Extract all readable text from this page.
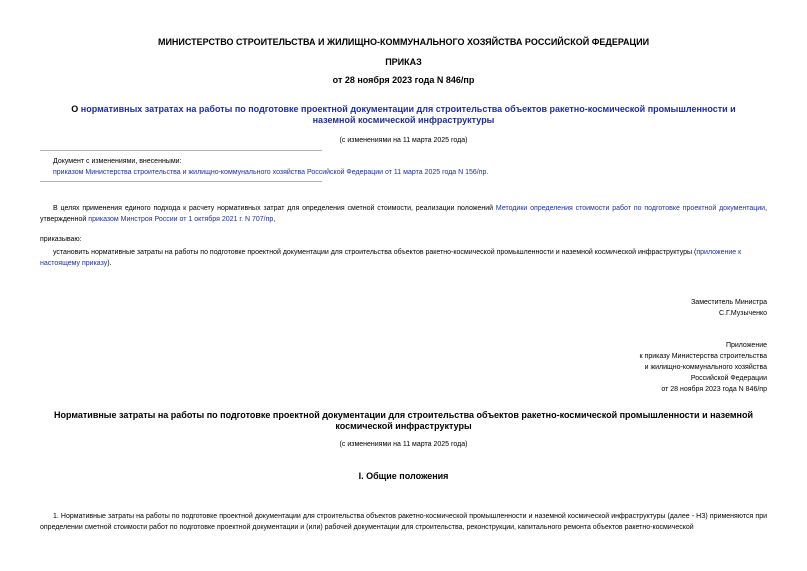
МИНИСТЕРСТВО СТРОИТЕЛЬСТВА И ЖИЛИЩНО-КОММУНАЛЬНОГО ХОЗЯЙСТВА РОССИЙСКОЙ ФЕДЕРАЦИИ
ПРИКАЗ
от 28 ноября 2023 года N 846/пр
О нормативных затратах на работы по подготовке проектной документации для строительства объектов ракетно-космической промышленности и наземной космической инфраструктуры
(с изменениями на 11 марта 2025 года)
Документ с изменениями, внесенными:
приказом Министерства строительства и жилищно-коммунального хозяйства Российской Федерации от 11 марта 2025 года N 156/пр.
В целях применения единого подхода к расчету нормативных затрат для определения сметной стоимости, реализации положений Методики определения стоимости работ по подготовке проектной документации, утвержденной приказом Минстроя России от 1 октября 2021 г. N 707/пр,
приказываю:
установить нормативные затраты на работы по подготовке проектной документации для строительства объектов ракетно-космической промышленности и наземной космической инфраструктуры (приложение к настоящему приказу).
Заместитель Министра
С.Г.Музыченко
Приложение
к приказу Министерства строительства
и жилищно-коммунального хозяйства
Российской Федерации
от 28 ноября 2023 года N 846/пр
Нормативные затраты на работы по подготовке проектной документации для строительства объектов ракетно-космической промышленности и наземной космической инфраструктуры
(с изменениями на 11 марта 2025 года)
I. Общие положения
1. Нормативные затраты на работы по подготовке проектной документации для строительства объектов ракетно-космической промышленности и наземной космической инфраструктуры (далее - НЗ) применяются при определении сметной стоимости работ по подготовке проектной документации и (или) рабочей документации для строительства, реконструкции, капитального ремонта объектов ракетно-космической
